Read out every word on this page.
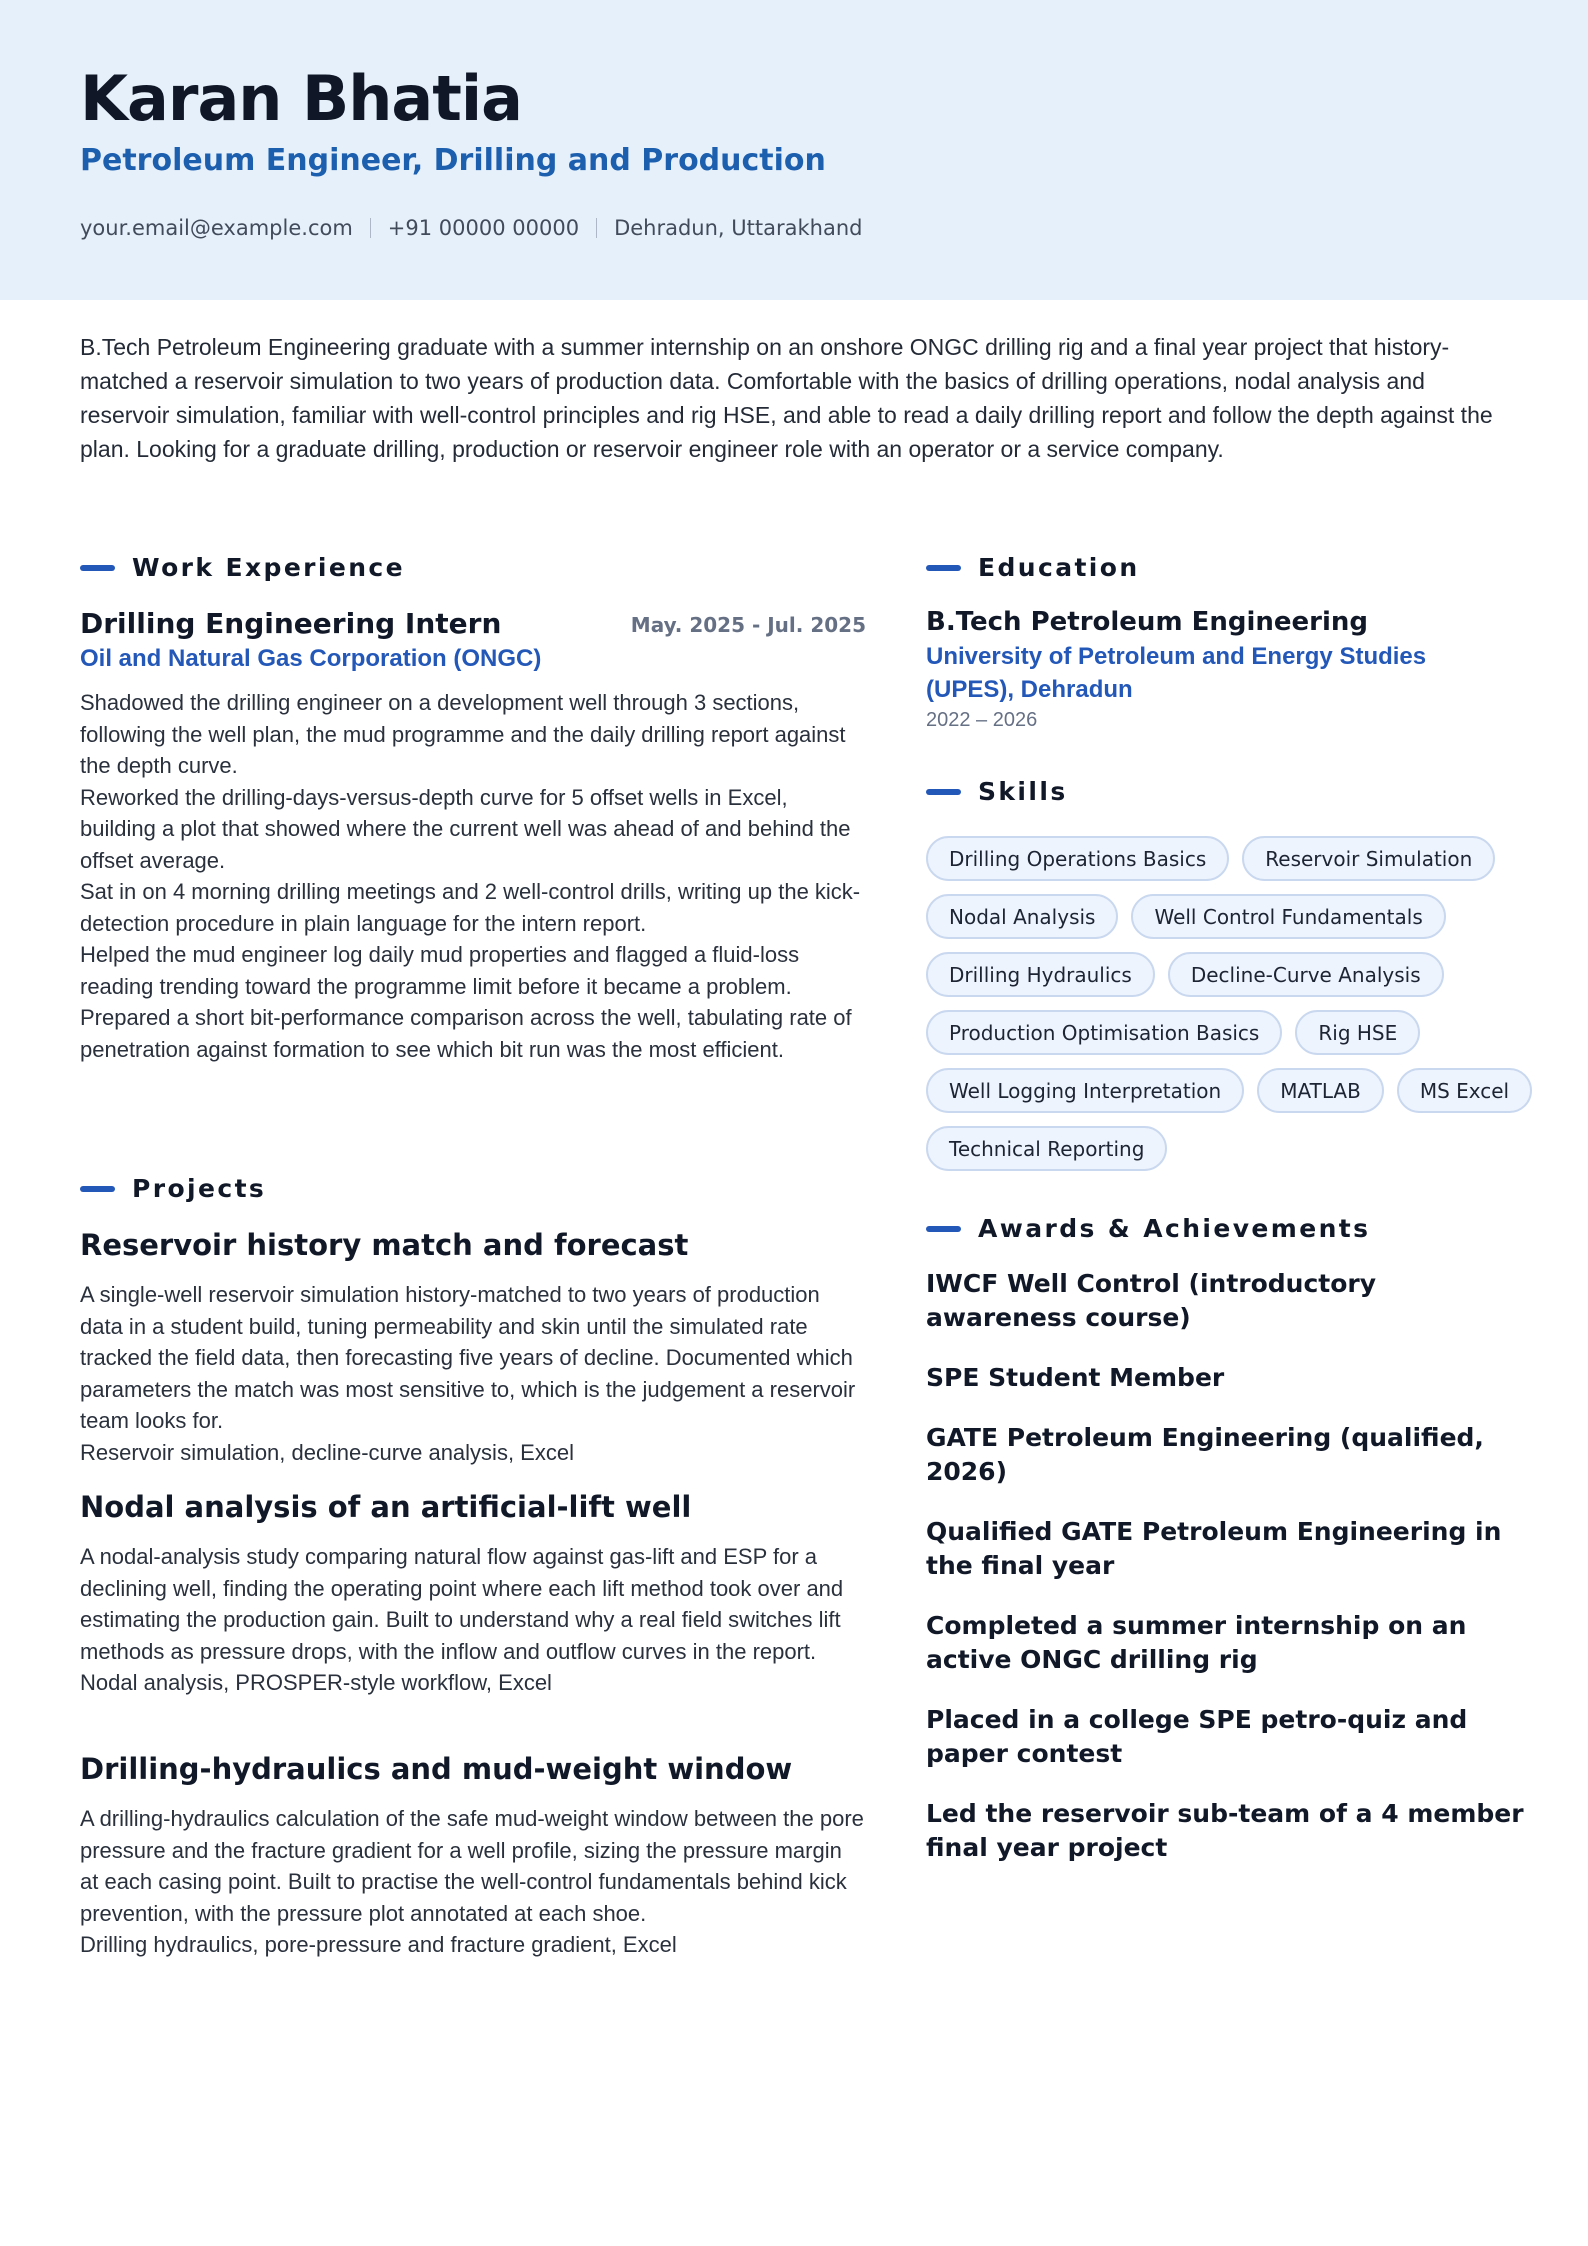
Karan Bhatia
Petroleum Engineer, Drilling and Production
your.email@example.com +91 00000 00000 Dehradun, Uttarakhand

B.Tech Petroleum Engineering graduate with a summer internship on an onshore ONGC drilling rig and a final year project that history-matched a reservoir simulation to two years of production data. Comfortable with the basics of drilling operations, nodal analysis and reservoir simulation, familiar with well-control principles and rig HSE, and able to read a daily drilling report and follow the depth against the plan. Looking for a graduate drilling, production or reservoir engineer role with an operator or a service company.

Work Experience
Drilling Engineering Intern	May. 2025 - Jul. 2025
Oil and Natural Gas Corporation (ONGC)
Shadowed the drilling engineer on a development well through 3 sections, following the well plan, the mud programme and the daily drilling report against the depth curve.
Reworked the drilling-days-versus-depth curve for 5 offset wells in Excel, building a plot that showed where the current well was ahead of and behind the offset average.
Sat in on 4 morning drilling meetings and 2 well-control drills, writing up the kick-detection procedure in plain language for the intern report.
Helped the mud engineer log daily mud properties and flagged a fluid-loss reading trending toward the programme limit before it became a problem.
Prepared a short bit-performance comparison across the well, tabulating rate of penetration against formation to see which bit run was the most efficient.
Projects
Reservoir history match and forecast
A single-well reservoir simulation history-matched to two years of production data in a student build, tuning permeability and skin until the simulated rate tracked the field data, then forecasting five years of decline. Documented which parameters the match was most sensitive to, which is the judgement a reservoir team looks for.
Reservoir simulation, decline-curve analysis, Excel
Nodal analysis of an artificial-lift well
A nodal-analysis study comparing natural flow against gas-lift and ESP for a declining well, finding the operating point where each lift method took over and estimating the production gain. Built to understand why a real field switches lift methods as pressure drops, with the inflow and outflow curves in the report.
Nodal analysis, PROSPER-style workflow, Excel
Drilling-hydraulics and mud-weight window
A drilling-hydraulics calculation of the safe mud-weight window between the pore pressure and the fracture gradient for a well profile, sizing the pressure margin at each casing point. Built to practise the well-control fundamentals behind kick prevention, with the pressure plot annotated at each shoe.
Drilling hydraulics, pore-pressure and fracture gradient, Excel
Education
B.Tech Petroleum Engineering
University of Petroleum and Energy Studies (UPES), Dehradun
2022 – 2026
Skills
Drilling Operations Basics	Reservoir Simulation
Nodal Analysis	Well Control Fundamentals
Drilling Hydraulics	Decline-Curve Analysis
Production Optimisation Basics	Rig HSE
Well Logging Interpretation	MATLAB	MS Excel
Technical Reporting
Awards & Achievements
IWCF Well Control (introductory awareness course)
SPE Student Member
GATE Petroleum Engineering (qualified, 2026)
Qualified GATE Petroleum Engineering in the final year
Completed a summer internship on an active ONGC drilling rig
Placed in a college SPE petro-quiz and paper contest
Led the reservoir sub-team of a 4 member final year project
